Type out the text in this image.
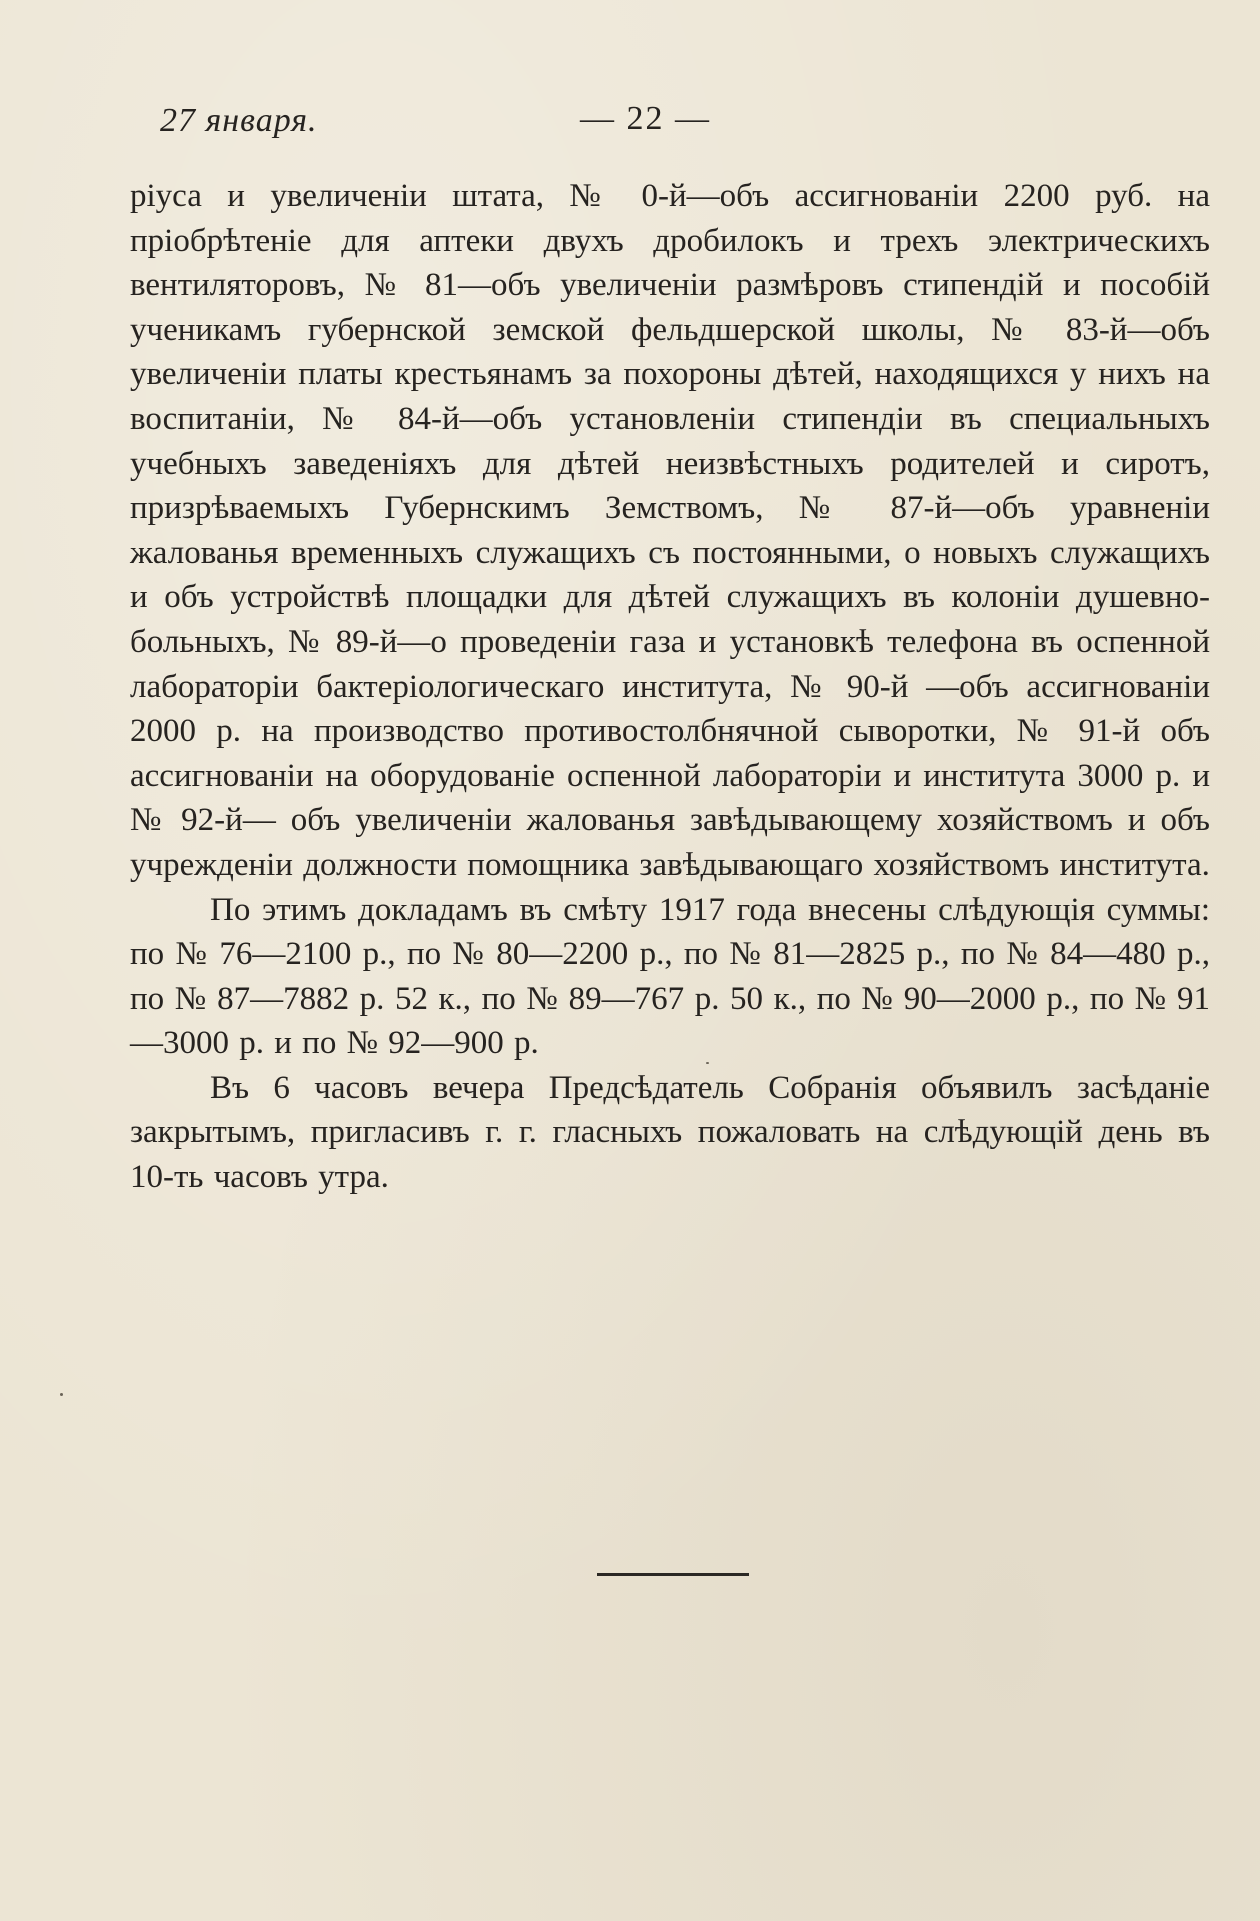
27 января.	— 22 —

ріуса и увеличеніи штата, № 0-й—объ ассигнованіи 2200 руб. на пріобрѣтеніе для аптеки двухъ дробилокъ и трехъ электрическихъ вентиляторовъ, № 81—объ увеличеніи размѣровъ стипендій и пособій ученикамъ губернской земской фельдшерской школы, № 83-й—объ увеличеніи платы крестьянамъ за похороны дѣтей, находящихся у нихъ на воспитаніи, № 84-й—объ установленіи стипендіи въ специальныхъ учебныхъ заведеніяхъ для дѣтей неизвѣстныхъ родителей и сиротъ, призрѣваемыхъ Губернскимъ Земствомъ, № 87-й—объ уравненіи жалованья временныхъ служащихъ съ постоянными, о новыхъ служащихъ и объ устройствѣ площадки для дѣтей служащихъ въ колоніи душевно-больныхъ, № 89-й—о проведеніи газа и установкѣ телефона въ оспенной лабораторіи бактеріологическаго института, № 90-й —объ ассигнованіи 2000 р. на производство противостолбнячной сыворотки, № 91-й объ ассигнованіи на оборудованіе оспенной лабораторіи и института 3000 р. и № 92-й— объ увеличеніи жалованья завѣдывающему хозяйствомъ и объ учрежденіи должности помощника завѣдывающаго хозяйствомъ института.

По этимъ докладамъ въ смѣту 1917 года внесены слѣдующія суммы: по № 76—2100 р., по № 80—2200 р., по № 81—2825 р., по № 84—480 р., по № 87—7882 р. 52 к., по № 89—767 р. 50 к., по № 90—2000 р., по № 91—3000 р. и по № 92—900 р.

Въ 6 часовъ вечера Предсѣдатель Собранія объявилъ засѣданіе закрытымъ, пригласивъ г. г. гласныхъ пожаловать на слѣдующій день въ 10-ть часовъ утра.
